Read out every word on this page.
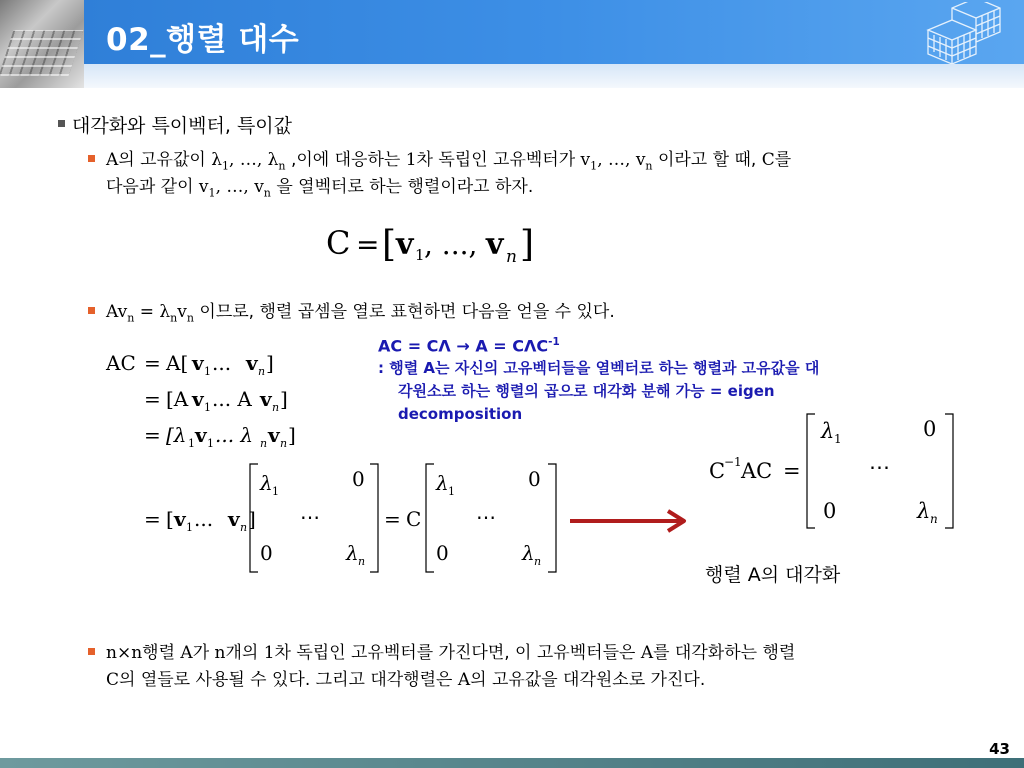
02_행렬 대수
대각화와 특이벡터, 특이값
A의 고유값이 $\lambda_1$, …, $\lambda_n$ ,이에 대응하는 1차 독립인 고유벡터가 $v_1$, …, $v_n$ 이라고 할 때, C를
다음과 같이 $v_1$, …, $v_n$ 을 열벡터로 하는 행렬이라고 하자.
C = [ v 1 , ..., v n ]
$Av_n = \lambda_nv_n$ 이므로, 행렬 곱셈을 열로 표현하면 다음을 얻을 수 있다.
AC = A[ v 1 ... v n ]
= [A v 1 ... A v n ]
= [λ 1 v 1 ... λ n v n ]
= [ v 1 ... v n ]
λ 1
0
⋯
0	λ n
= C
λ 1
0
⋯
0	λ n
AC = $C\Lambda \to A = C\Lambda C^{-1}$
: 행렬 A는 자신의 고유벡터들을 열벡터로 하는 행렬과 고유값을 대
각원소로 하는 행렬의 곱으로 대각화 분해 가능 = eigen
decomposition
C
−1 AC =
λ 1	0
⋯
0	λ n
행렬 A의 대각화
n×n행렬 A가 n개의 1차 독립인 고유벡터를 가진다면, 이 고유벡터들은 A를 대각화하는 행렬
C의 열들로 사용될 수 있다. 그리고 대각행렬은 A의 고유값을 대각원소로 가진다.
43
